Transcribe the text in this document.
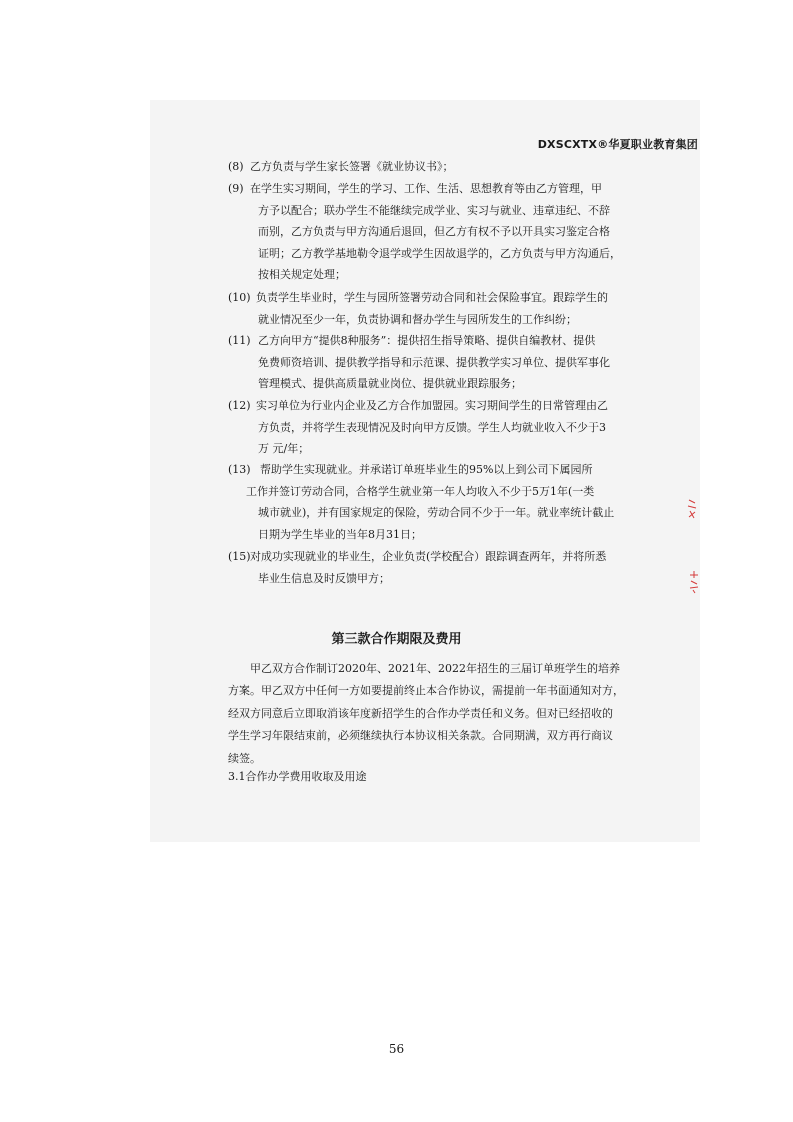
DXSCXTX®华夏职业教育集团
(8) 乙方负责与学生家长签署《就业协议书》；
(9) 在学生实习期间，学生的学习、工作、生活、思想教育等由乙方管理，甲
方予以配合；联办学生不能继续完成学业、实习与就业、违章违纪、不辞
而别，乙方负责与甲方沟通后退回，但乙方有权不予以开具实习鉴定合格
证明；乙方教学基地勒令退学或学生因故退学的，乙方负责与甲方沟通后，
按相关规定处理；
(10) 负责学生毕业时，学生与园所签署劳动合同和社会保险事宜。跟踪学生的
就业情况至少一年，负责协调和督办学生与园所发生的工作纠纷；
(11) 乙方向甲方“提供8种服务”：提供招生指导策略、提供自编教材、提供
免费师资培训、提供教学指导和示范课、提供教学实习单位、提供军事化
管理模式、提供高质量就业岗位、提供就业跟踪服务；
(12) 实习单位为行业内企业及乙方合作加盟园。实习期间学生的日常管理由乙
方负责，并将学生表现情况及时向甲方反馈。学生人均就业收入不少于3
万 元/年；
(13) 帮助学生实现就业。并承诺订单班毕业生的95%以上到公司下属园所
工作并签订劳动合同，合格学生就业第一年人均收入不少于5万1年(一类
城市就业)，并有国家规定的保险，劳动合同不少于一年。就业率统计截止
日期为学生毕业的当年8月31日；
(15) 对成功实现就业的毕业生，企业负责(学校配合）跟踪调查两年，并将所悉
毕业生信息及时反馈甲方；
第三款合作期限及费用
甲乙双方合作制订2020年、2021年、2022年招生的三届订单班学生的培养
方案。甲乙双方中任何一方如要提前终止本合作协议，需提前一年书面通知对方，
经双方同意后立即取消该年度新招学生的合作办学责任和义务。但对已经招收的
学生学习年限结束前，必须继续执行本协议相关条款。合同期满，双方再行商议
续签。
3.1合作办学费用收取及用途
56
